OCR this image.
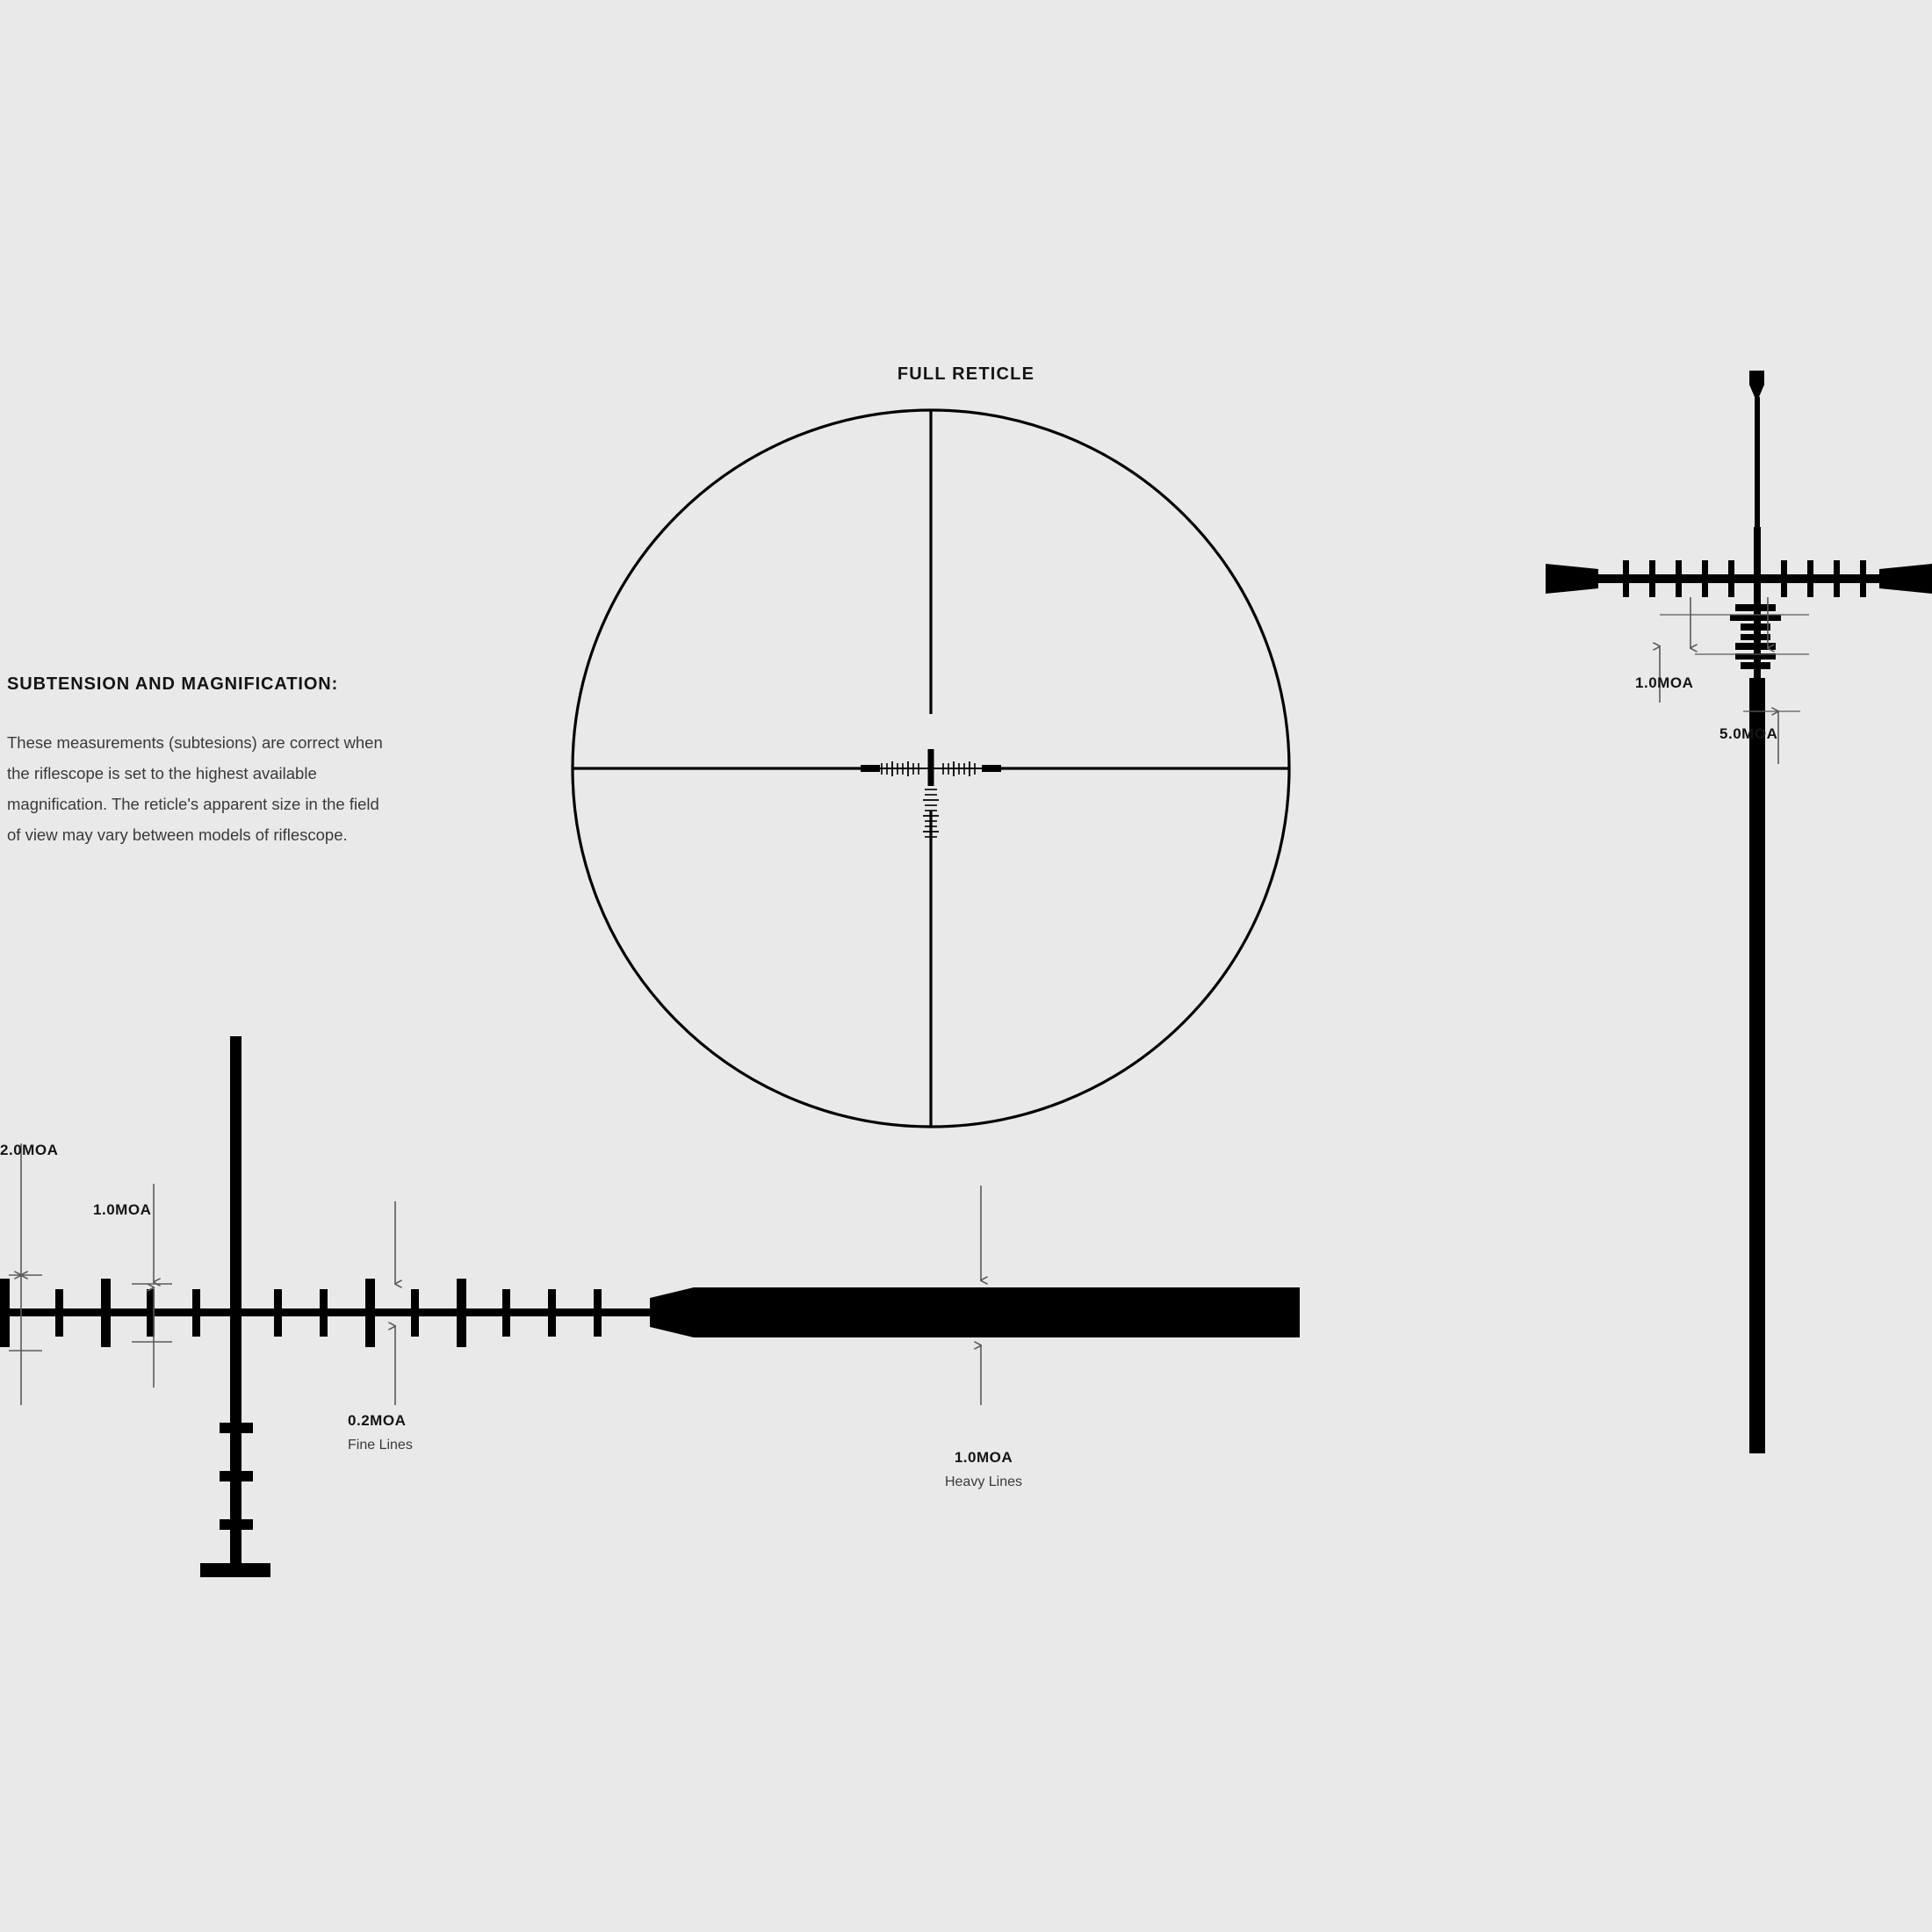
FULL RETICLE
SUBTENSION AND MAGNIFICATION:
These measurements (subtesions) are correct when the riflescope is set to the highest available magnification. The reticle's apparent size in the field of view may vary between models of riflescope.
2.0MOA
1.0MOA
0.2MOA
Fine Lines
1.0MOA
Heavy Lines
1.0MOA
5.0MOA
